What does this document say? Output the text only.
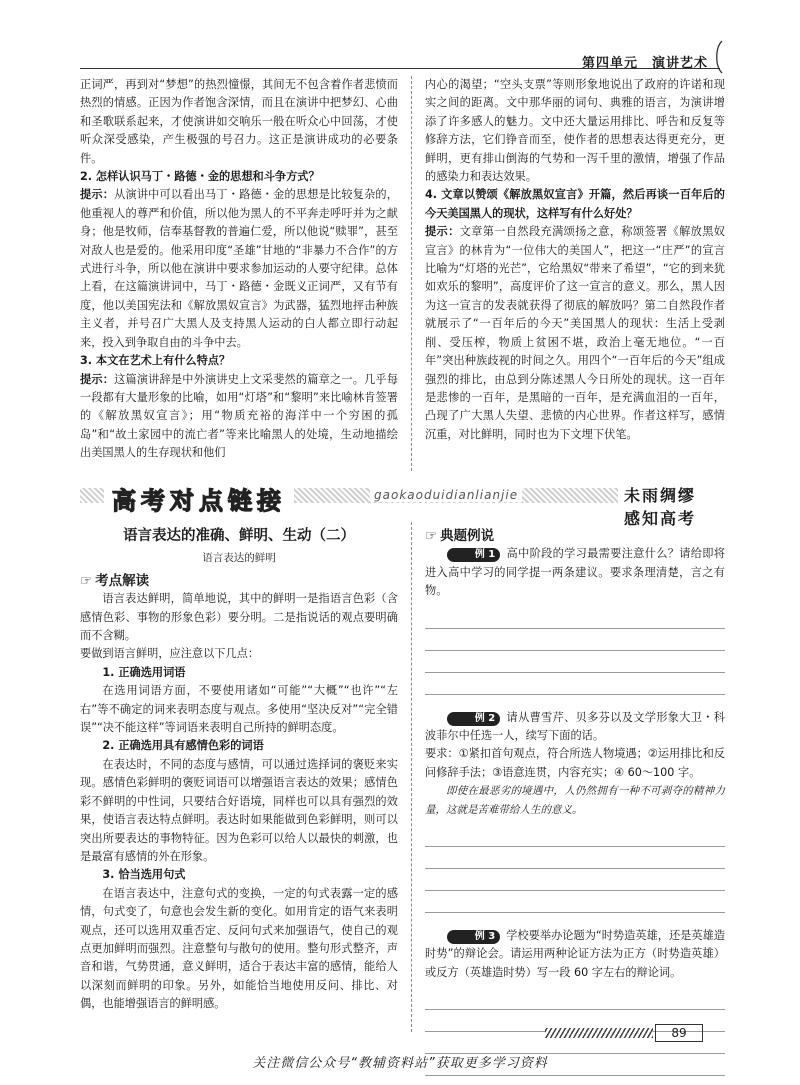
第四单元　演讲艺术

正词严，再到对“梦想”的热烈憧憬，其间无不包含着作者悲愤而热烈的情感。正因为作者饱含深情，而且在演讲中把梦幻、心曲和圣歌联系起来，才使演讲如交响乐一般在听众心中回荡，才使听众深受感染，产生极强的号召力。这正是演讲成功的必要条件。

2. 怎样认识马丁・路德・金的思想和斗争方式？

提示：从演讲中可以看出马丁・路德・金的思想是比较复杂的，他重视人的尊严和价值，所以他为黑人的不平奔走呼吁并为之献身；他是牧师，信奉基督教的普遍仁爱，所以他说“赎罪”，甚至对敌人也是爱的。他采用印度“圣雄”甘地的“非暴力不合作”的方式进行斗争，所以他在演讲中要求参加运动的人要守纪律。总体上看，在这篇演讲词中，马丁・路德・金既义正词严，又有节有度，他以美国宪法和《解放黑奴宣言》为武器，猛烈地抨击种族主义者，并号召广大黑人及支持黑人运动的白人都立即行动起来，投入到争取自由的斗争中去。

3. 本文在艺术上有什么特点？

提示：这篇演讲辞是中外演讲史上文采斐然的篇章之一。几乎每一段都有大量形象的比喻，如用“灯塔”和“黎明”来比喻林肯签署的《解放黑奴宣言》；用“物质充裕的海洋中一个穷困的孤岛”和“故土家园中的流亡者”等来比喻黑人的处境，生动地描绘出美国黑人的生存现状和他们

内心的渴望；“空头支票”等则形象地说出了政府的许诺和现实之间的距离。文中那华丽的词句、典雅的语言，为演讲增添了许多感人的魅力。文中还大量运用排比、呼告和反复等修辞方法，它们铮音而至，使作者的思想表达得更充分，更鲜明，更有排山倒海的气势和一泻千里的激情，增强了作品的感染力和表达效果。

4. 文章以赞颂《解放黑奴宣言》开篇，然后再谈一百年后的今天美国黑人的现状，这样写有什么好处？

提示：文章第一自然段充满颂扬之意，称颂签署《解放黑奴宣言》的林肯为“一位伟大的美国人”，把这一“庄严”的宣言比喻为“灯塔的光芒”，它给黑奴“带来了希望”，“它的到来犹如欢乐的黎明”，高度评价了这一宣言的意义。那么，黑人因为这一宣言的发表就获得了彻底的解放吗？第二自然段作者就展示了“一百年后的今天”美国黑人的现状：生活上受剥削、受压榨，物质上贫困不堪，政治上毫无地位。“一百年”突出种族歧视的时间之久。用四个“一百年后的今天”组成强烈的排比，由总到分陈述黑人今日所处的现状。这一百年是悲惨的一百年，是黑暗的一百年，是充满血泪的一百年，凸现了广大黑人失望、悲愤的内心世界。作者这样写，感情沉重，对比鲜明，同时也为下文埋下伏笔。

高考对点链接	gaokaoduidianlianjie	未雨绸缪　感知高考
语言表达的准确、鲜明、生动（二）
语言表达的鲜明

☞ 考点解读

语言表达鲜明，简单地说，其中的鲜明一是指语言色彩（含感情色彩、事物的形象色彩）要分明。二是指说话的观点要明确而不含糊。

要做到语言鲜明，应注意以下几点：

1. 正确选用词语

在选用词语方面，不要使用诸如“可能”“大概”“也许”“左右”等不确定的词来表明态度与观点。多使用“坚决反对”“完全错误”“决不能这样”等词语来表明自己所持的鲜明态度。

2. 正确选用具有感情色彩的词语

在表达时，不同的态度与感情，可以通过选择词的褒贬来实现。感情色彩鲜明的褒贬词语可以增强语言表达的效果；感情色彩不鲜明的中性词，只要结合好语境，同样也可以具有强烈的效果，使语言表达特点鲜明。表达时如果能做到色彩鲜明，则可以突出所要表达的事物特征。因为色彩可以给人以最快的刺激，也是最富有感情的外在形象。

3. 恰当选用句式

在语言表达中，注意句式的变换，一定的句式表露一定的感情，句式变了，句意也会发生新的变化。如用肯定的语气来表明观点，还可以选用双重否定、反问句式来加强语气，使自己的观点更加鲜明而强烈。注意整句与散句的使用。整句形式整齐，声音和谐，气势贯通，意义鲜明，适合于表达丰富的感情，能给人以深刻而鲜明的印象。另外，如能恰当地使用反问、排比、对偶，也能增强语言的鲜明感。

☞ 典题例说

例 1 高中阶段的学习最需要注意什么？请给即将进入高中学习的同学提一两条建议。要求条理清楚，言之有物。

例 2 请从曹雪芹、贝多芬以及文学形象大卫・科波菲尔中任选一人，续写下面的话。

要求：①紧扣首句观点，符合所选人物境遇；②运用排比和反问修辞手法；③语意连贯，内容充实；④ 60～100 字。

即使在最恶劣的境遇中，人仍然拥有一种不可剥夺的精神力量，这就是苦难带给人生的意义。

例 3 学校要举办论题为“时势造英雄，还是英雄造时势”的辩论会。请运用两种论证方法为正方（时势造英雄）或反方（英雄造时势）写一段 60 字左右的辩论词。

89
关注微信公众号“教辅资料站”获取更多学习资料
